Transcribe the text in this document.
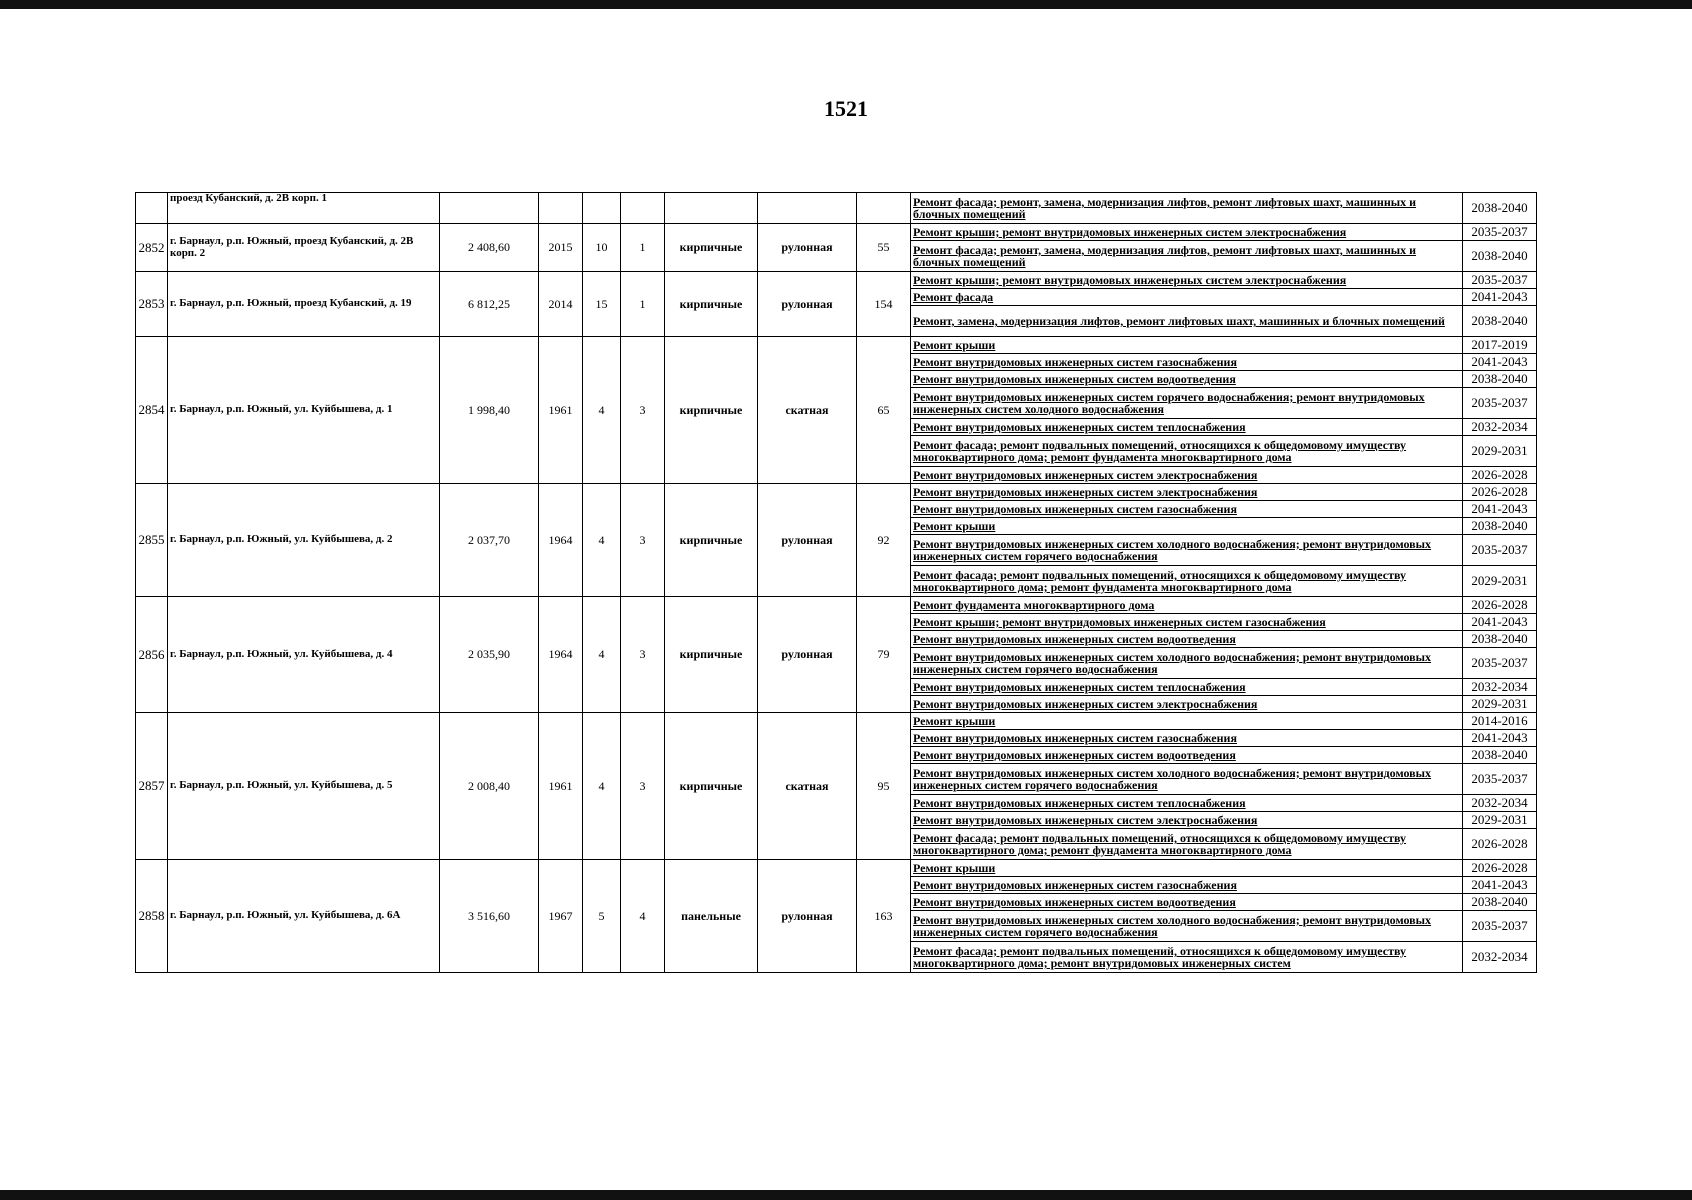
1521
	проезд Кубанский, д. 2В корп. 1								Ремонт фасада; ремонт, замена, модернизация лифтов, ремонт лифтовых шахт, машинных и блочных помещений	2038-2040
2852	г. Барнаул, р.п. Южный, проезд Кубанский, д. 2В корп. 2	2 408,60	2015	10	1	кирпичные	рулонная	55	Ремонт крыши; ремонт внутридомовых инженерных систем электроснабжения	2035-2037
									Ремонт фасада; ремонт, замена, модернизация лифтов, ремонт лифтовых шахт, машинных и блочных помещений	2038-2040
2853	г. Барнаул, р.п. Южный, проезд Кубанский, д. 19	6 812,25	2014	15	1	кирпичные	рулонная	154	Ремонт крыши; ремонт внутридомовых инженерных систем электроснабжения	2035-2037
									Ремонт фасада	2041-2043
									Ремонт, замена, модернизация лифтов, ремонт лифтовых шахт, машинных и блочных помещений	2038-2040
2854	г. Барнаул, р.п. Южный, ул. Куйбышева, д. 1	1 998,40	1961	4	3	кирпичные	скатная	65	Ремонт крыши	2017-2019
									Ремонт внутридомовых инженерных систем газоснабжения	2041-2043
									Ремонт внутридомовых инженерных систем водоотведения	2038-2040
									Ремонт внутридомовых инженерных систем горячего водоснабжения; ремонт внутридомовых инженерных систем холодного водоснабжения	2035-2037
									Ремонт внутридомовых инженерных систем теплоснабжения	2032-2034
									Ремонт фасада; ремонт подвальных помещений, относящихся к общедомовому имуществу многоквартирного дома; ремонт фундамента многоквартирного дома	2029-2031
									Ремонт внутридомовых инженерных систем электроснабжения	2026-2028
2855	г. Барнаул, р.п. Южный, ул. Куйбышева, д. 2	2 037,70	1964	4	3	кирпичные	рулонная	92	Ремонт внутридомовых инженерных систем электроснабжения	2026-2028
									Ремонт внутридомовых инженерных систем газоснабжения	2041-2043
									Ремонт крыши	2038-2040
									Ремонт внутридомовых инженерных систем холодного водоснабжения; ремонт внутридомовых инженерных систем горячего водоснабжения	2035-2037
									Ремонт фасада; ремонт подвальных помещений, относящихся к общедомовому имуществу многоквартирного дома; ремонт фундамента многоквартирного дома	2029-2031
2856	г. Барнаул, р.п. Южный, ул. Куйбышева, д. 4	2 035,90	1964	4	3	кирпичные	рулонная	79	Ремонт фундамента многоквартирного дома	2026-2028
									Ремонт крыши; ремонт внутридомовых инженерных систем газоснабжения	2041-2043
									Ремонт внутридомовых инженерных систем водоотведения	2038-2040
									Ремонт внутридомовых инженерных систем холодного водоснабжения; ремонт внутридомовых инженерных систем горячего водоснабжения	2035-2037
									Ремонт внутридомовых инженерных систем теплоснабжения	2032-2034
									Ремонт внутридомовых инженерных систем электроснабжения	2029-2031
2857	г. Барнаул, р.п. Южный, ул. Куйбышева, д. 5	2 008,40	1961	4	3	кирпичные	скатная	95	Ремонт крыши	2014-2016
									Ремонт внутридомовых инженерных систем газоснабжения	2041-2043
									Ремонт внутридомовых инженерных систем водоотведения	2038-2040
									Ремонт внутридомовых инженерных систем холодного водоснабжения; ремонт внутридомовых инженерных систем горячего водоснабжения	2035-2037
									Ремонт внутридомовых инженерных систем теплоснабжения	2032-2034
									Ремонт внутридомовых инженерных систем электроснабжения	2029-2031
									Ремонт фасада; ремонт подвальных помещений, относящихся к общедомовому имуществу многоквартирного дома; ремонт фундамента многоквартирного дома	2026-2028
2858	г. Барнаул, р.п. Южный, ул. Куйбышева, д. 6А	3 516,60	1967	5	4	панельные	рулонная	163	Ремонт крыши	2026-2028
									Ремонт внутридомовых инженерных систем газоснабжения	2041-2043
									Ремонт внутридомовых инженерных систем водоотведения	2038-2040
									Ремонт внутридомовых инженерных систем холодного водоснабжения; ремонт внутридомовых инженерных систем горячего водоснабжения	2035-2037
									Ремонт фасада; ремонт подвальных помещений, относящихся к общедомовому имуществу многоквартирного дома; ремонт внутридомовых инженерных систем	2032-2034
